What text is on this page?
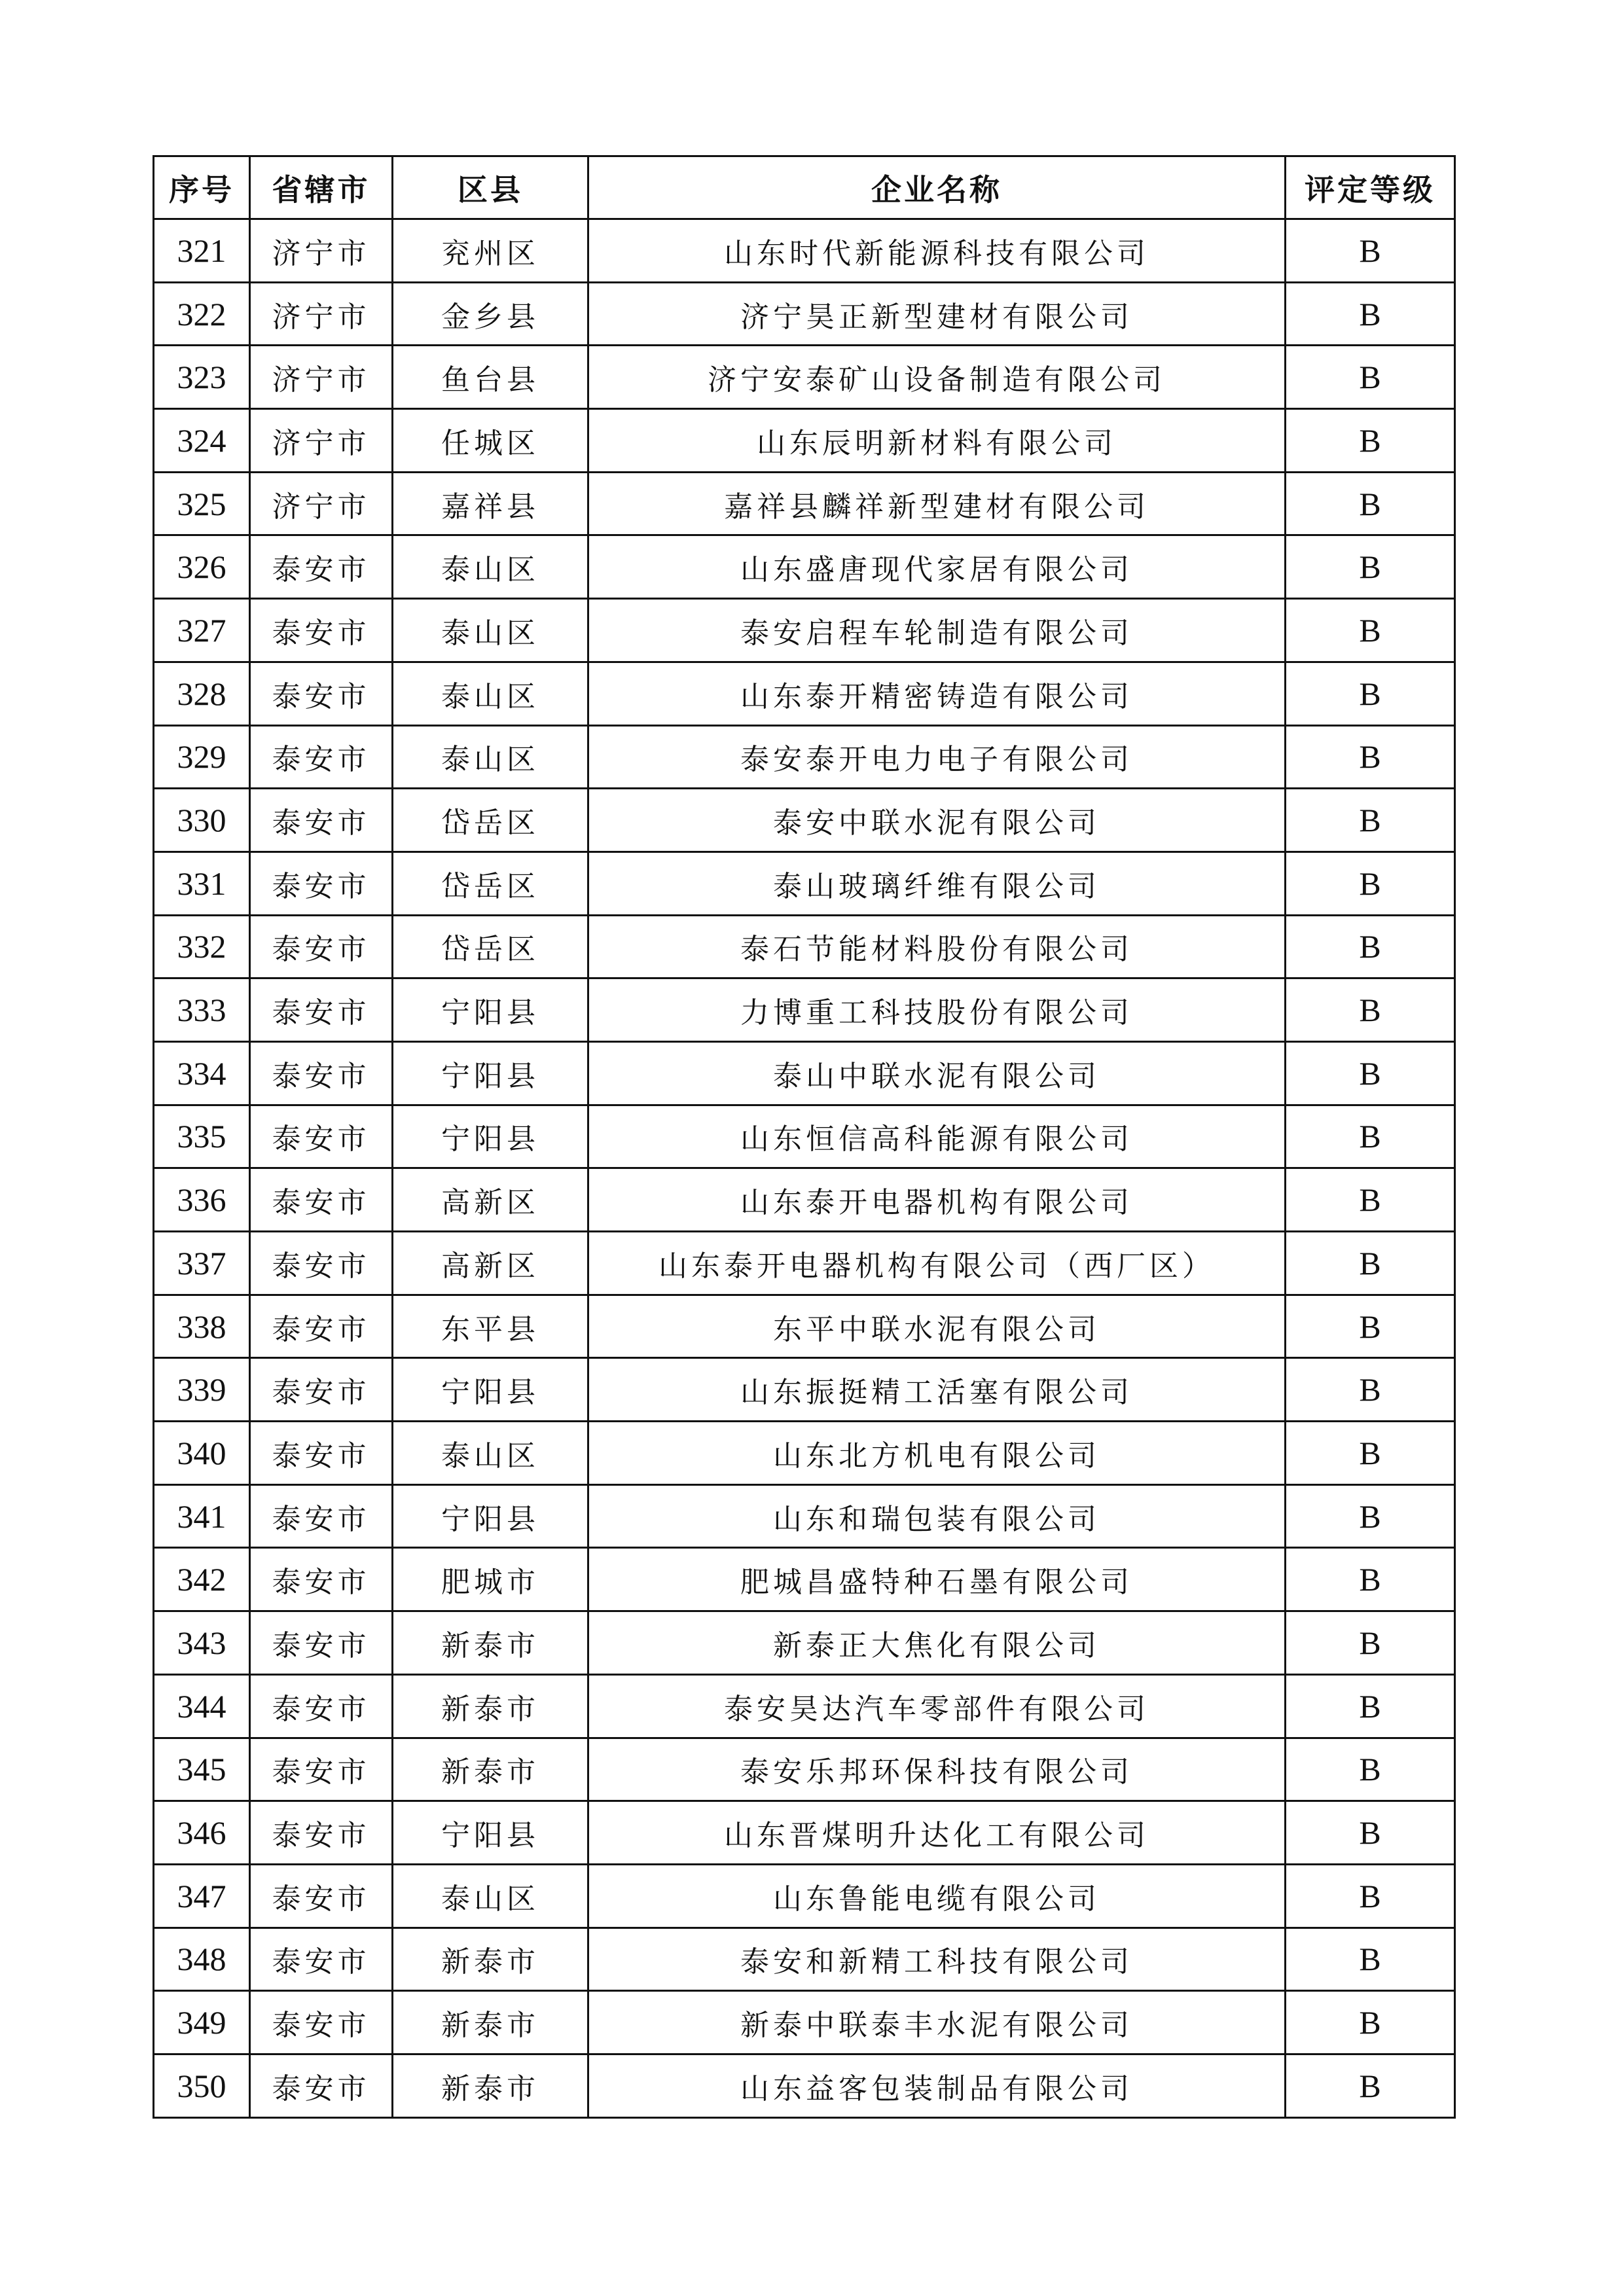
序号	省辖市	区县	企业名称	评定等级
321	济宁市	兖州区	山东时代新能源科技有限公司	B
322	济宁市	金乡县	济宁昊正新型建材有限公司	B
323	济宁市	鱼台县	济宁安泰矿山设备制造有限公司	B
324	济宁市	任城区	山东辰明新材料有限公司	B
325	济宁市	嘉祥县	嘉祥县麟祥新型建材有限公司	B
326	泰安市	泰山区	山东盛唐现代家居有限公司	B
327	泰安市	泰山区	泰安启程车轮制造有限公司	B
328	泰安市	泰山区	山东泰开精密铸造有限公司	B
329	泰安市	泰山区	泰安泰开电力电子有限公司	B
330	泰安市	岱岳区	泰安中联水泥有限公司	B
331	泰安市	岱岳区	泰山玻璃纤维有限公司	B
332	泰安市	岱岳区	泰石节能材料股份有限公司	B
333	泰安市	宁阳县	力博重工科技股份有限公司	B
334	泰安市	宁阳县	泰山中联水泥有限公司	B
335	泰安市	宁阳县	山东恒信高科能源有限公司	B
336	泰安市	高新区	山东泰开电器机构有限公司	B
337	泰安市	高新区	山东泰开电器机构有限公司（西厂区）	B
338	泰安市	东平县	东平中联水泥有限公司	B
339	泰安市	宁阳县	山东振挺精工活塞有限公司	B
340	泰安市	泰山区	山东北方机电有限公司	B
341	泰安市	宁阳县	山东和瑞包装有限公司	B
342	泰安市	肥城市	肥城昌盛特种石墨有限公司	B
343	泰安市	新泰市	新泰正大焦化有限公司	B
344	泰安市	新泰市	泰安昊达汽车零部件有限公司	B
345	泰安市	新泰市	泰安乐邦环保科技有限公司	B
346	泰安市	宁阳县	山东晋煤明升达化工有限公司	B
347	泰安市	泰山区	山东鲁能电缆有限公司	B
348	泰安市	新泰市	泰安和新精工科技有限公司	B
349	泰安市	新泰市	新泰中联泰丰水泥有限公司	B
350	泰安市	新泰市	山东益客包装制品有限公司	B
